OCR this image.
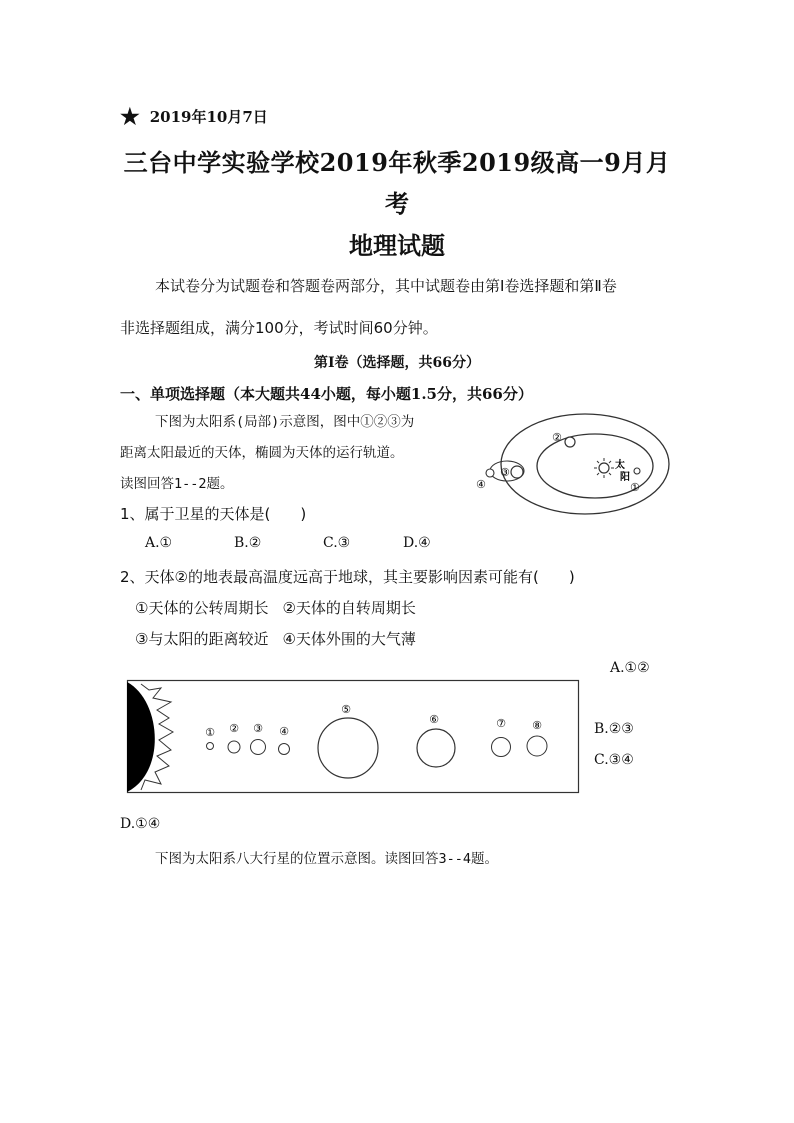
★ 2019年10月7日
三台中学实验学校2019年秋季2019级高一9月月
考
地理试题
本试卷分为试题卷和答题卷两部分，其中试题卷由第Ⅰ卷选择题和第Ⅱ卷
非选择题组成，满分100分，考试时间60分钟。
第Ⅰ卷（选择题，共66分）
一、单项选择题（本大题共44小题，每小题1.5分，共66分）
下图为太阳系(局部)示意图，图中①②③为
距离太阳最近的天体，椭圆为天体的运行轨道。
读图回答1--2题。
太
阳
②
③
④	①
1、属于卫星的天体是(　　)
A.①	B.②	C.③	D.④
2、天体②的地表最高温度远高于地球，其主要影响因素可能有(　　)
①天体的公转周期长 ②天体的自转周期长
③与太阳的距离较近 ④天体外围的大气薄
A.①②
B.②③
C.③④
D.①④
① ② ③ ④
⑤
⑥	⑦ ⑧
下图为太阳系八大行星的位置示意图。读图回答3--4题。
